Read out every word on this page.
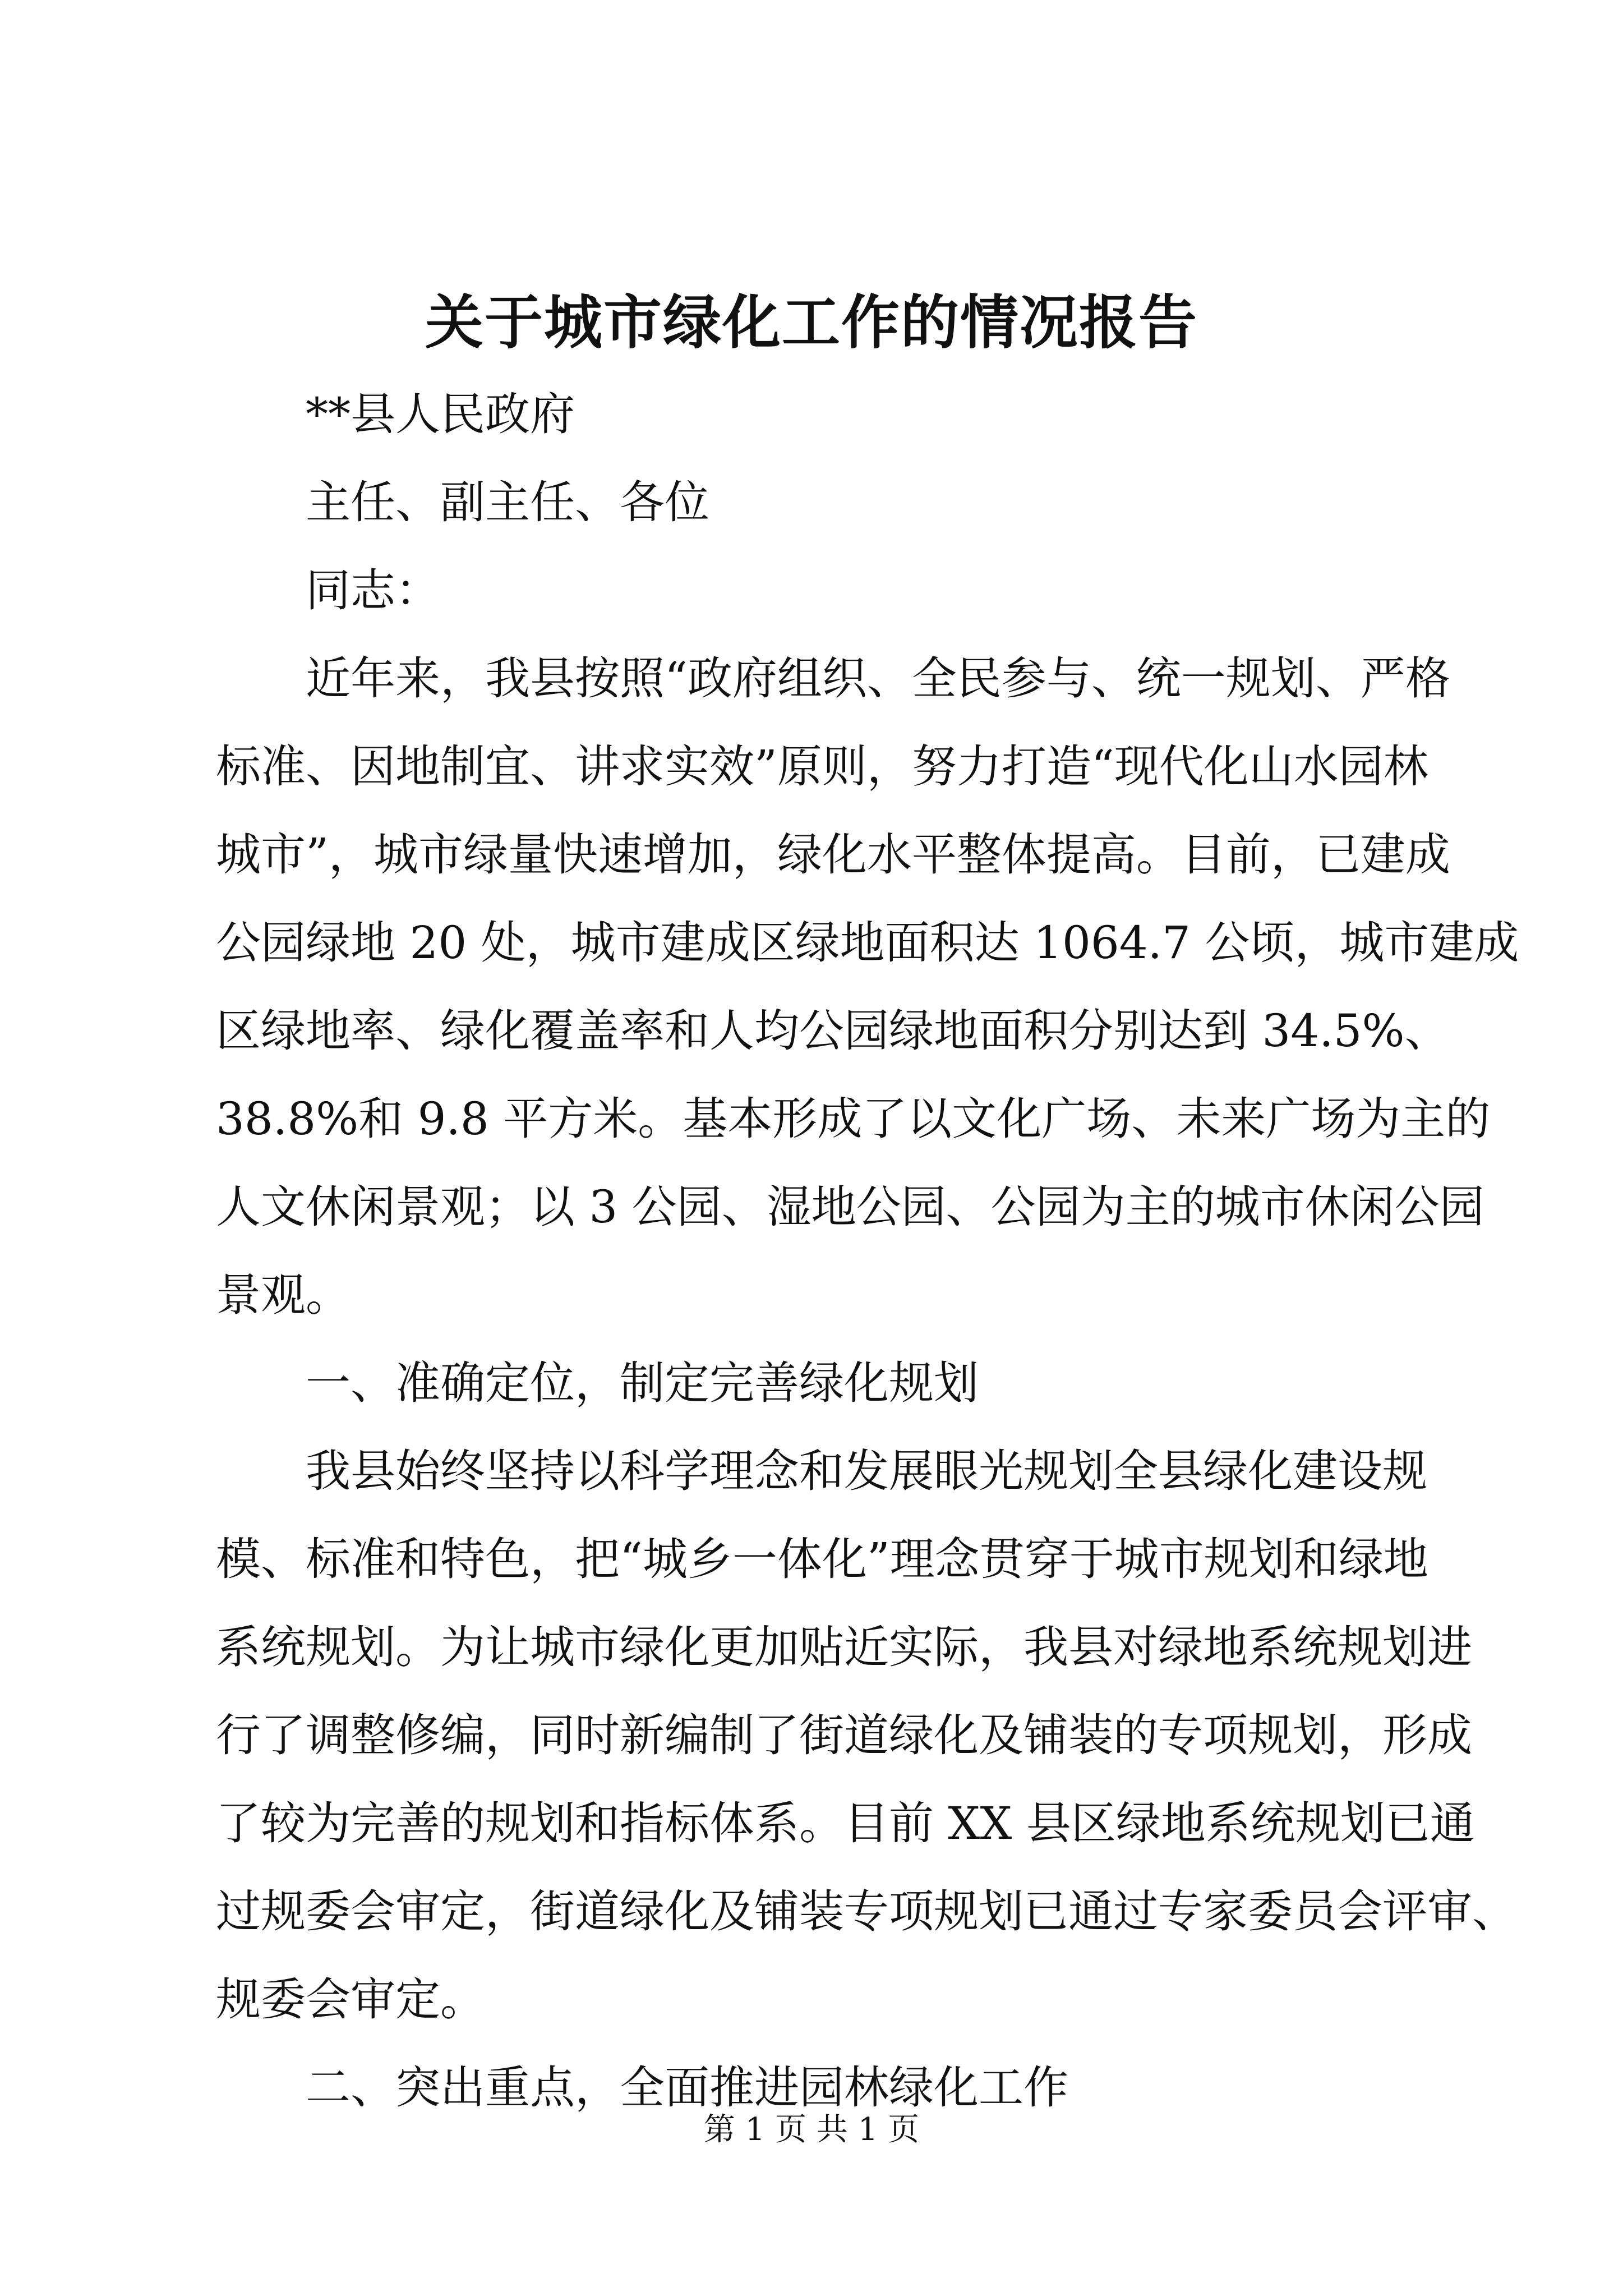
关于城市绿化工作的情况报告

**县人民政府

主任、副主任、各位

同志：

近年来，我县按照“政府组织、全民参与、统一规划、严格

标准、因地制宜、讲求实效”原则，努力打造“现代化山水园林

城市”，城市绿量快速增加，绿化水平整体提高。目前，已建成

公园绿地 20 处，城市建成区绿地面积达 1064.7 公顷，城市建成

区绿地率、绿化覆盖率和人均公园绿地面积分别达到 34.5%、

38.8%和 9.8 平方米。基本形成了以文化广场、未来广场为主的

人文休闲景观；以 3 公园、湿地公园、公园为主的城市休闲公园

景观。

一、准确定位，制定完善绿化规划

我县始终坚持以科学理念和发展眼光规划全县绿化建设规

模、标准和特色，把“城乡一体化”理念贯穿于城市规划和绿地

系统规划。为让城市绿化更加贴近实际，我县对绿地系统规划进

行了调整修编，同时新编制了街道绿化及铺装的专项规划，形成

了较为完善的规划和指标体系。目前 XX 县区绿地系统规划已通

过规委会审定，街道绿化及铺装专项规划已通过专家委员会评审、

规委会审定。

二、突出重点，全面推进园林绿化工作

第 1 页 共 1 页
